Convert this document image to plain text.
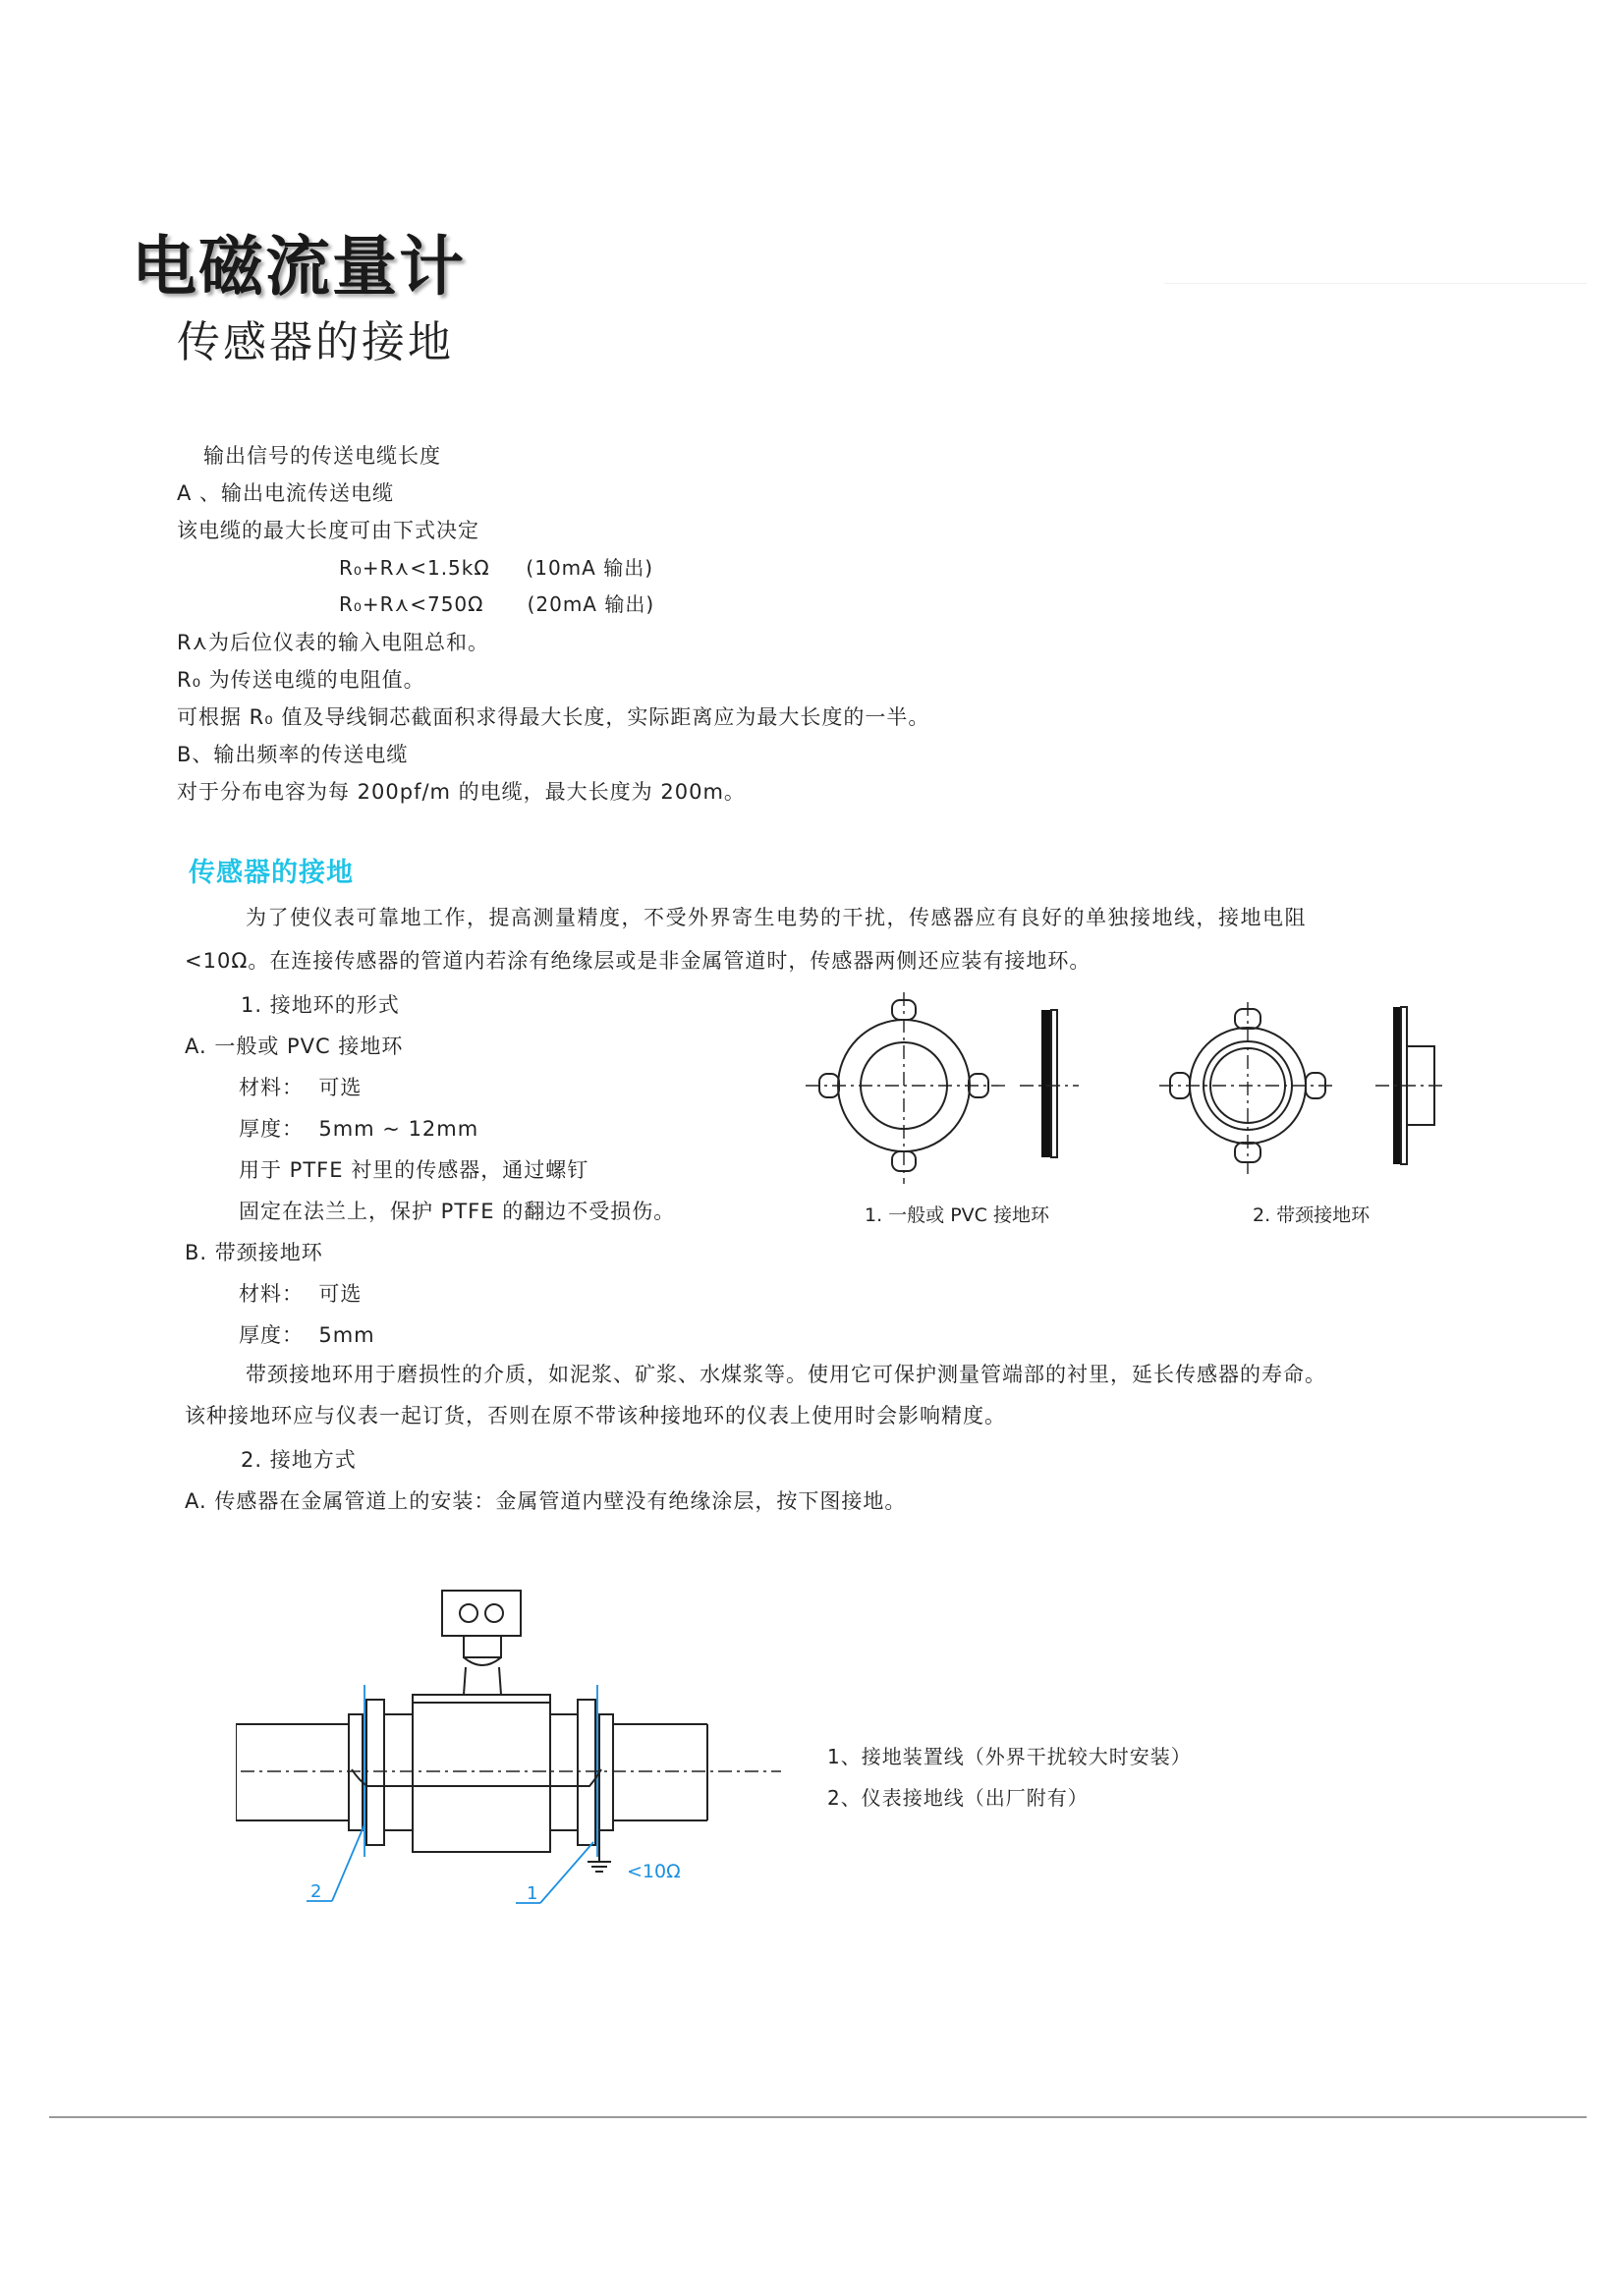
电磁流量计
传感器的接地
输出信号的传送电缆长度
A 、输出电流传送电缆
该电缆的最大长度可由下式决定
R₀+R⋏<1.5kΩ     (10mA 输出)
R₀+R⋏<750Ω      (20mA 输出)
R⋏为后位仪表的输入电阻总和。
R₀ 为传送电缆的电阻值。
可根据 R₀ 值及导线铜芯截面积求得最大长度，实际距离应为最大长度的一半。
B、输出频率的传送电缆
对于分布电容为每 200pf/m 的电缆，最大长度为 200m。
传感器的接地
为了使仪表可靠地工作，提高测量精度，不受外界寄生电势的干扰，传感器应有良好的单独接地线，接地电阻
<10Ω。在连接传感器的管道内若涂有绝缘层或是非金属管道时，传感器两侧还应装有接地环。
1. 接地环的形式
A. 一般或 PVC 接地环
材料：  可选
厚度：  5mm ~ 12mm
用于 PTFE 衬里的传感器，通过螺钉
固定在法兰上，保护 PTFE 的翻边不受损伤。
B. 带颈接地环
材料：  可选
厚度：  5mm
带颈接地环用于磨损性的介质，如泥浆、矿浆、水煤浆等。使用它可保护测量管端部的衬里，延长传感器的寿命。
该种接地环应与仪表一起订货，否则在原不带该种接地环的仪表上使用时会影响精度。
2. 接地方式
A. 传感器在金属管道上的安装：金属管道内壁没有绝缘涂层，按下图接地。
1. 一般或 PVC 接地环	2. 带颈接地环
2	1
<10Ω
1、接地装置线（外界干扰较大时安装）
2、仪表接地线（出厂附有）
